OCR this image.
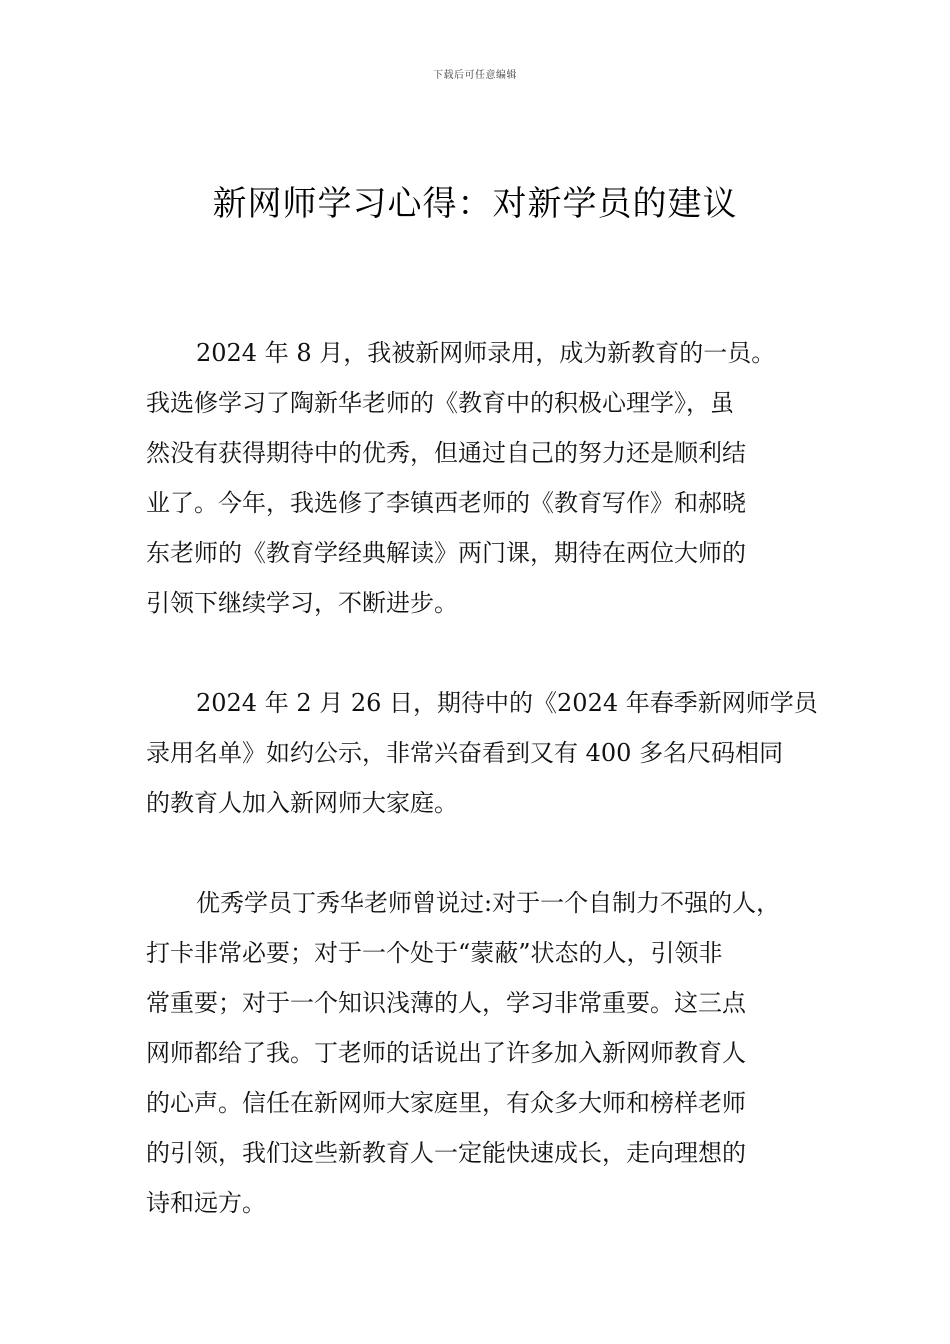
下载后可任意编辑
新网师学习心得：对新学员的建议

2024 年 8 月，我被新网师录用，成为新教育的一员。
我选修学习了陶新华老师的《教育中的积极心理学》，虽
然没有获得期待中的优秀，但通过自己的努力还是顺利结
业了。今年，我选修了李镇西老师的《教育写作》和郝晓
东老师的《教育学经典解读》两门课，期待在两位大师的
引领下继续学习，不断进步。

2024 年 2 月 26 日，期待中的《2024 年春季新网师学员
录用名单》如约公示，非常兴奋看到又有 400 多名尺码相同
的教育人加入新网师大家庭。

优秀学员丁秀华老师曾说过:对于一个自制力不强的人，
打卡非常必要；对于一个处于“蒙蔽”状态的人，引领非
常重要；对于一个知识浅薄的人，学习非常重要。这三点
网师都给了我。丁老师的话说出了许多加入新网师教育人
的心声。信任在新网师大家庭里，有众多大师和榜样老师
的引领，我们这些新教育人一定能快速成长，走向理想的
诗和远方。
